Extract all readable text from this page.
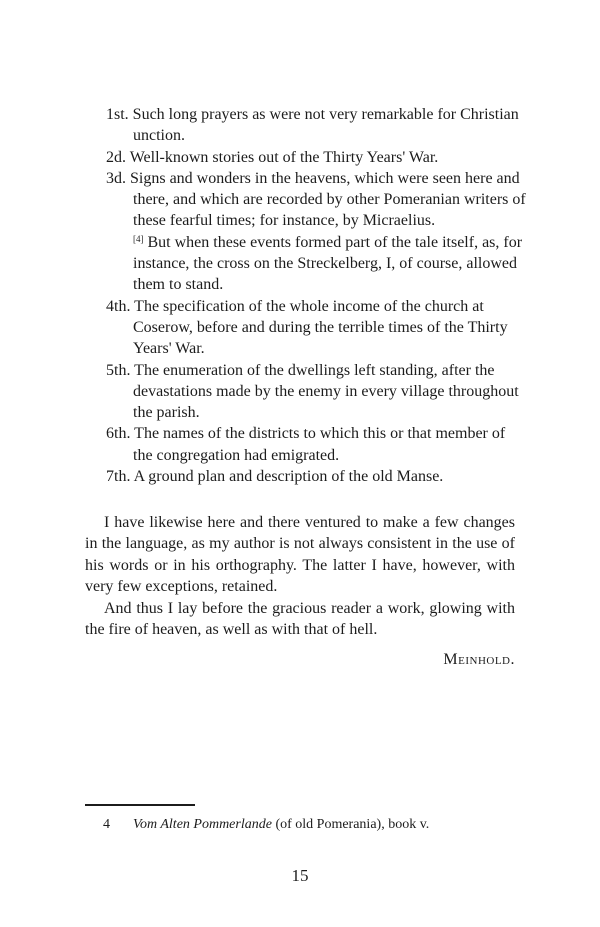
1st. Such long prayers as were not very remarkable for Christian unction.
2d. Well-known stories out of the Thirty Years' War.
3d. Signs and wonders in the heavens, which were seen here and there, and which are recorded by other Pomeranian writers of these fearful times; for instance, by Micraelius.
[4] But when these events formed part of the tale itself, as, for instance, the cross on the Streckelberg, I, of course, allowed them to stand.
4th. The specification of the whole income of the church at Coserow, before and during the terrible times of the Thirty Years' War.
5th. The enumeration of the dwellings left standing, after the devastations made by the enemy in every village throughout the parish.
6th. The names of the districts to which this or that member of the congregation had emigrated.
7th. A ground plan and description of the old Manse.

I have likewise here and there ventured to make a few changes in the language, as my author is not always consistent in the use of his words or in his orthography. The latter I have, however, with very few exceptions, retained.

And thus I lay before the gracious reader a work, glowing with the fire of heaven, as well as with that of hell.

Meinhold.

4 Vom Alten Pommerlande (of old Pomerania), book v.

15
